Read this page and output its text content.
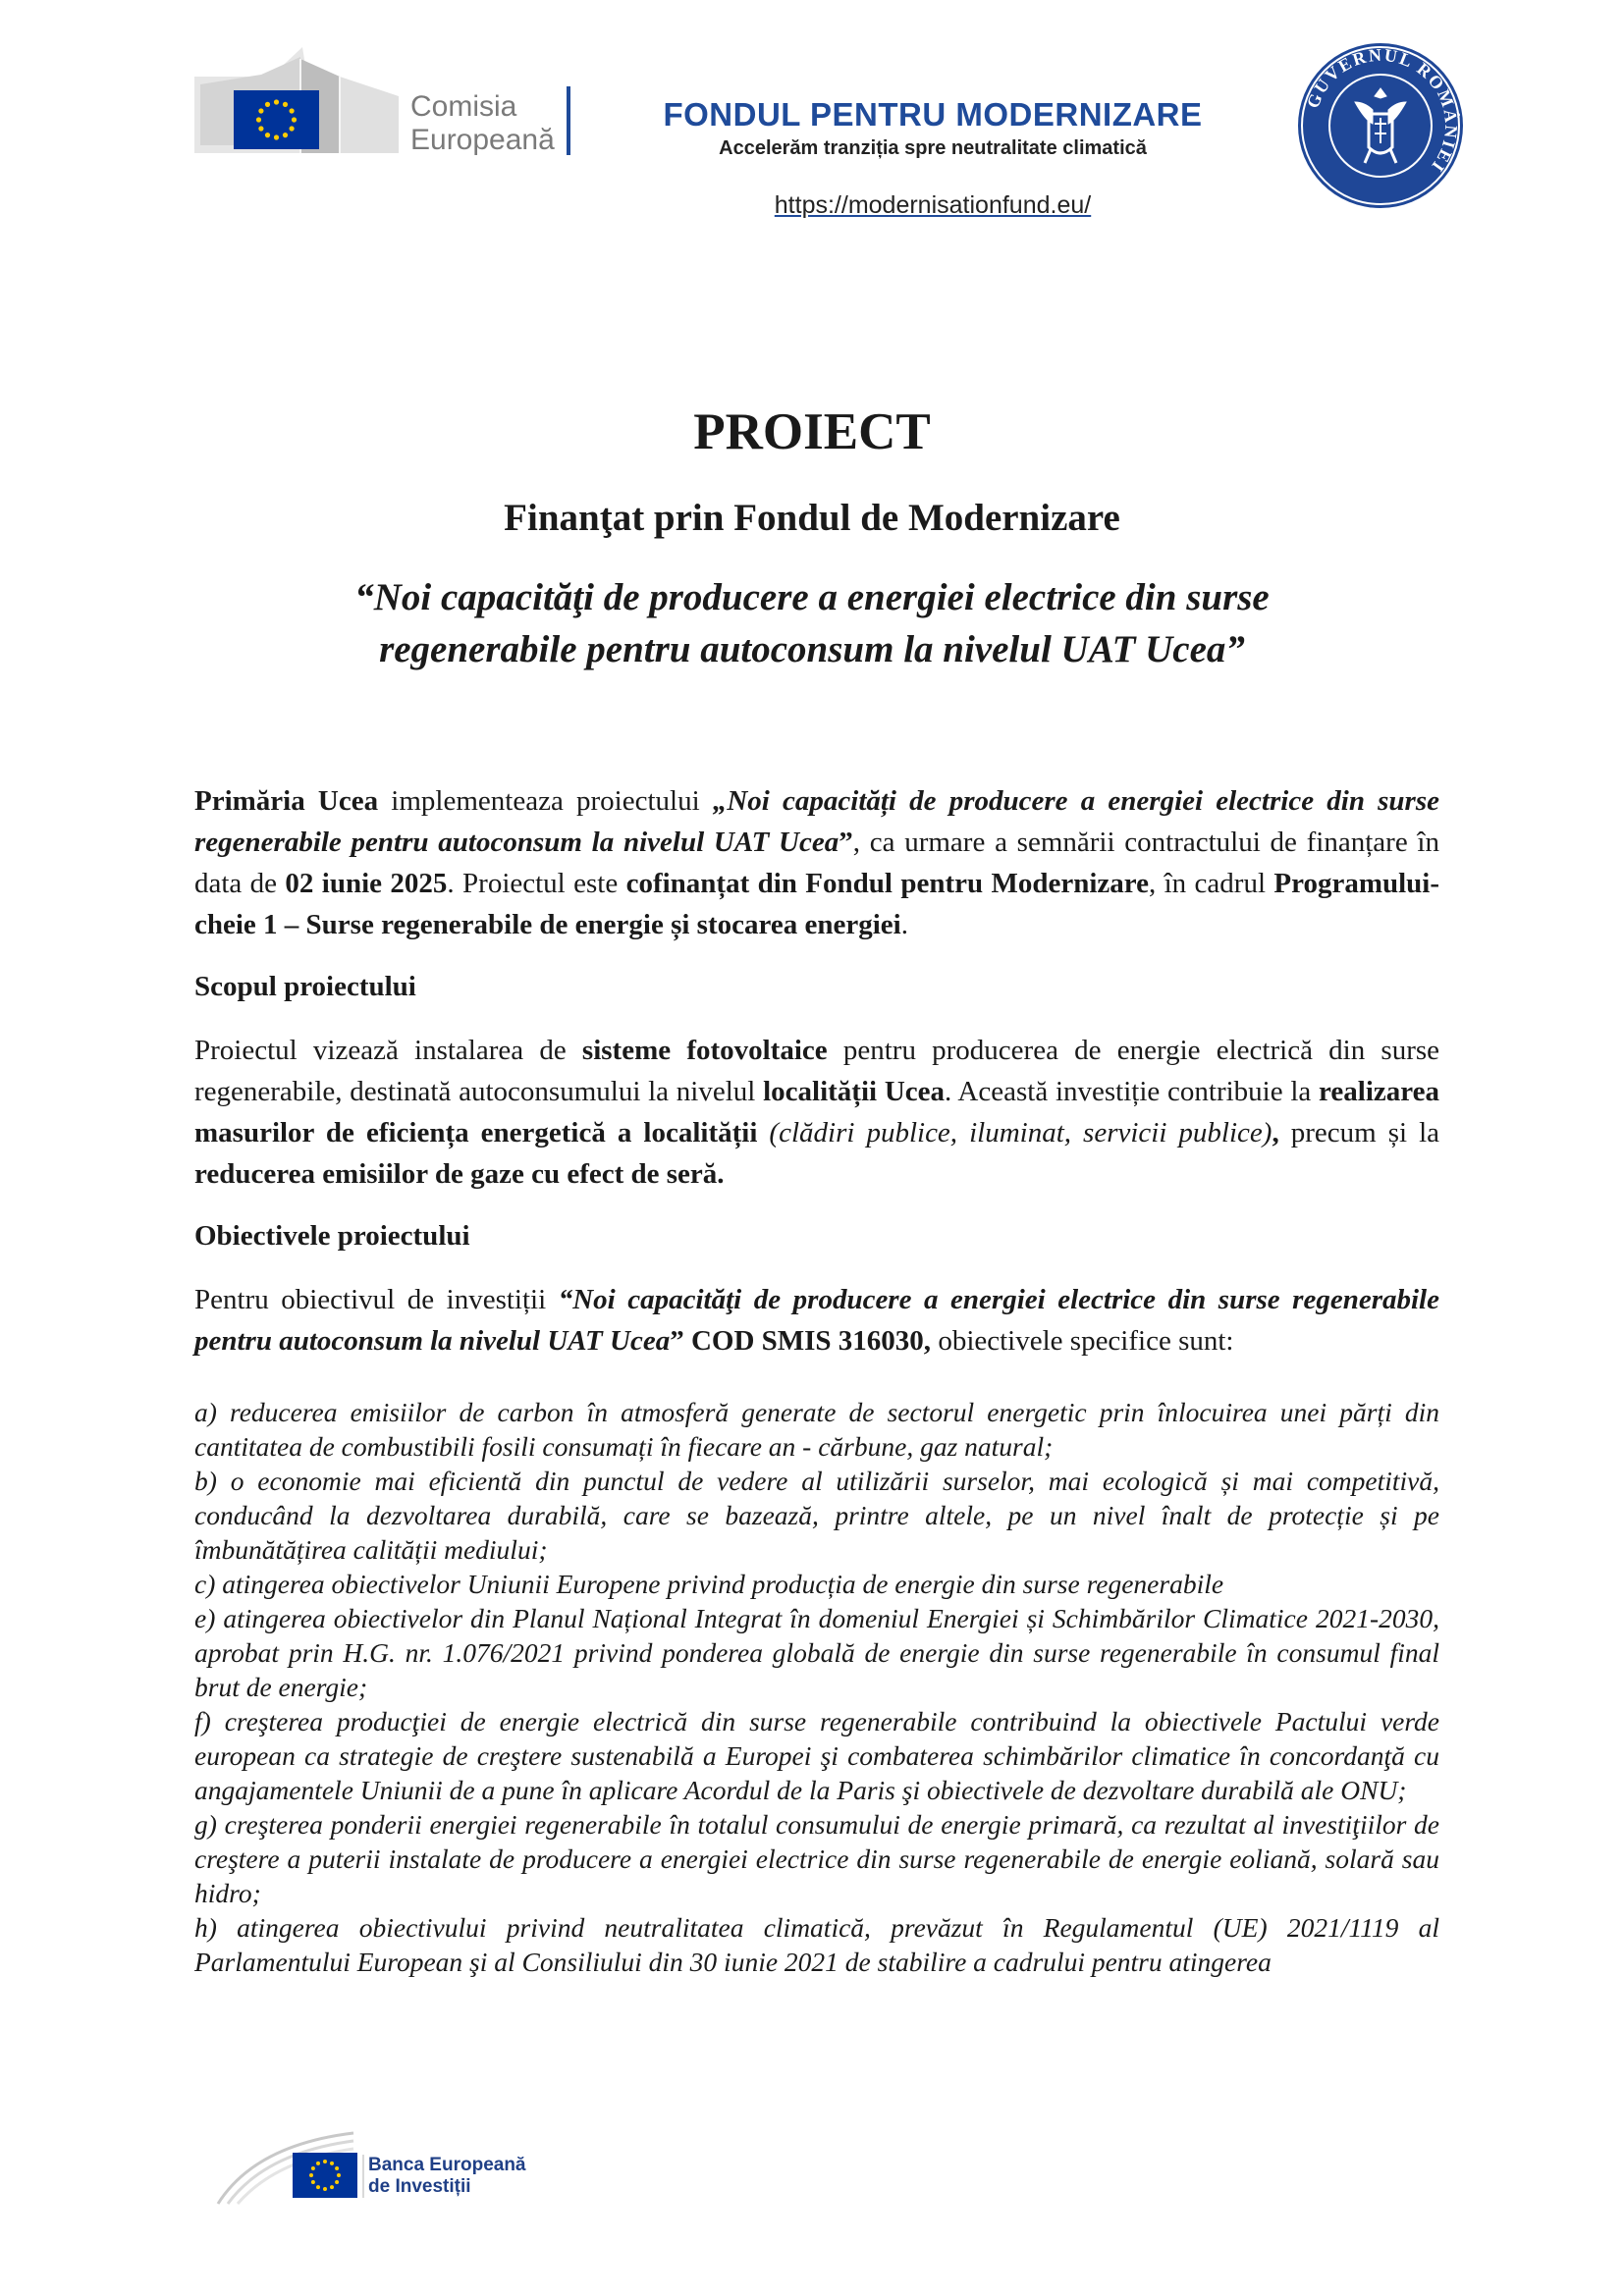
Comisia
Europeană
FONDUL PENTRU MODERNIZARE
Accelerăm tranziția spre neutralitate climatică
https://modernisationfund.eu/
GUVERNUL ROMÂNIEI
PROIECT
Finanţat prin Fondul de Modernizare
“Noi capacităţi de producere a energiei electrice din surse
regenerabile pentru autoconsum la nivelul UAT Ucea”

Primăria Ucea implementeaza proiectului „Noi capacități de producere a energiei electrice din surse regenerabile pentru autoconsum la nivelul UAT Ucea”, ca urmare a semnării contractului de finanțare în data de 02 iunie 2025. Proiectul este cofinanțat din Fondul pentru Modernizare, în cadrul Programului-cheie 1 – Surse regenerabile de energie și stocarea energiei.

Scopul proiectului

Proiectul vizează instalarea de sisteme fotovoltaice pentru producerea de energie electrică din surse regenerabile, destinată autoconsumului la nivelul localității Ucea. Această investiție contribuie la realizarea masurilor de eficiența energetică a localității (clădiri publice, iluminat, servicii publice), precum și la reducerea emisiilor de gaze cu efect de seră.

Obiectivele proiectului

Pentru obiectivul de investiții “Noi capacităţi de producere a energiei electrice din surse regenerabile pentru autoconsum la nivelul UAT Ucea” COD SMIS 316030, obiectivele specifice sunt:

a) reducerea emisiilor de carbon în atmosferă generate de sectorul energetic prin înlocuirea unei părți din cantitatea de combustibili fosili consumați în fiecare an - cărbune, gaz natural;
b) o economie mai eficientă din punctul de vedere al utilizării surselor, mai ecologică și mai competitivă, conducând la dezvoltarea durabilă, care se bazează, printre altele, pe un nivel înalt de protecție și pe îmbunătățirea calității mediului;
c) atingerea obiectivelor Uniunii Europene privind producția de energie din surse regenerabile
e) atingerea obiectivelor din Planul Național Integrat în domeniul Energiei și Schimbărilor Climatice 2021-2030, aprobat prin H.G. nr. 1.076/2021 privind ponderea globală de energie din surse regenerabile în consumul final brut de energie;
f) creşterea producţiei de energie electrică din surse regenerabile contribuind la obiectivele Pactului verde european ca strategie de creştere sustenabilă a Europei şi combaterea schimbărilor climatice în concordanţă cu angajamentele Uniunii de a pune în aplicare Acordul de la Paris şi obiectivele de dezvoltare durabilă ale ONU;
g) creşterea ponderii energiei regenerabile în totalul consumului de energie primară, ca rezultat al investiţiilor de creştere a puterii instalate de producere a energiei electrice din surse regenerabile de energie eoliană, solară sau hidro;
h) atingerea obiectivului privind neutralitatea climatică, prevăzut în Regulamentul (UE) 2021/1119 al Parlamentului European şi al Consiliului din 30 iunie 2021 de stabilire a cadrului pentru atingerea
Banca Europeană
de Investiții
